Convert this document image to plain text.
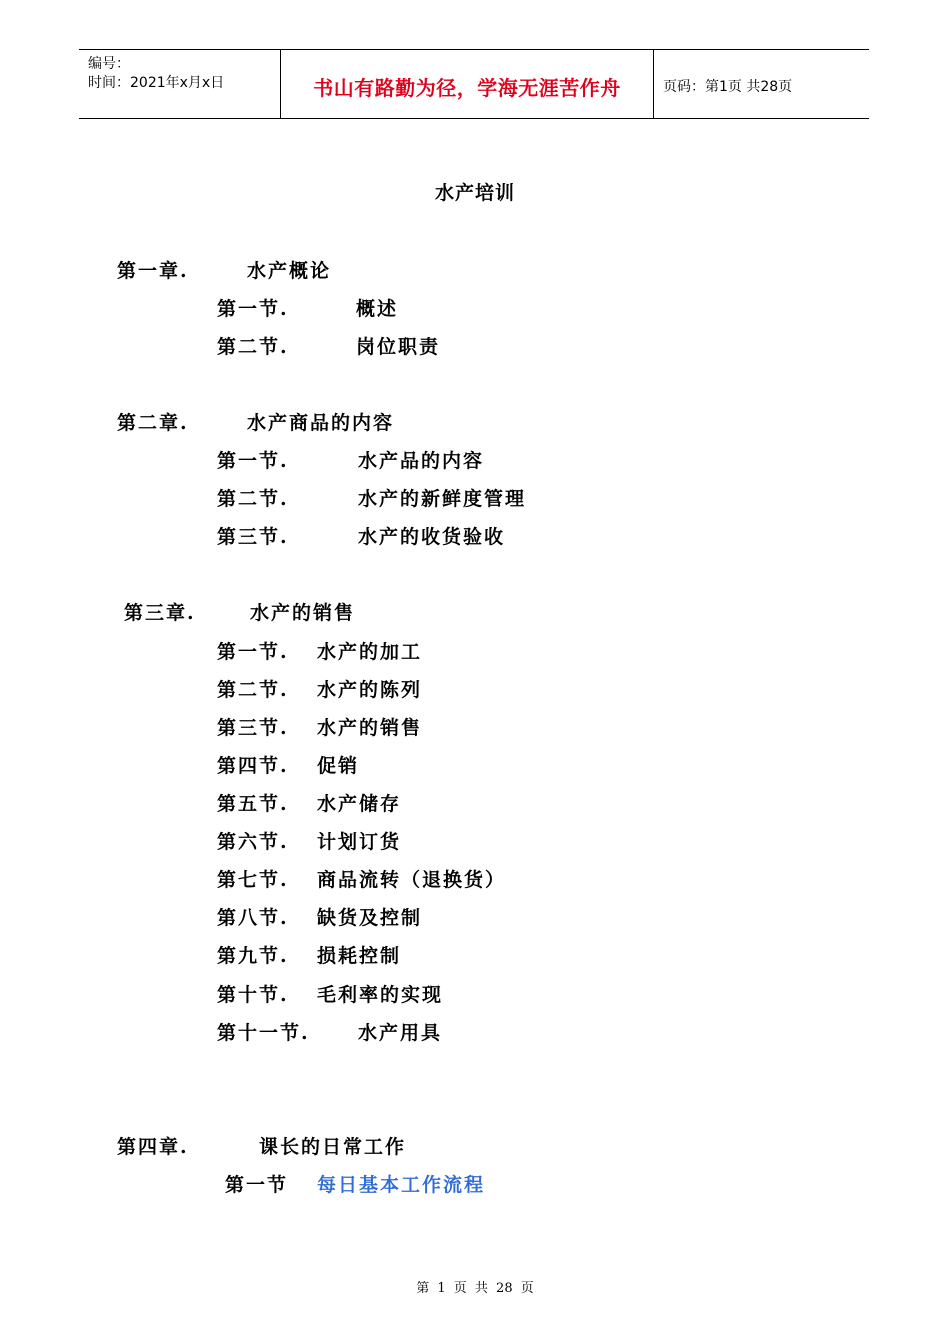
编号：
时间：2021年x月x日	书山有路勤为径，学海无涯苦作舟	页码：第1页 共28页
水产培训
第一章.	水产概论
第一节.	概述
第二节.	岗位职责
第二章.	水产商品的内容
第一节.	水产品的内容
第二节.	水产的新鲜度管理
第三节.	水产的收货验收
第三章.	水产的销售
第一节. 水产的加工
第二节. 水产的陈列
第三节. 水产的销售
第四节. 促销
第五节. 水产储存
第六节. 计划订货
第七节. 商品流转（退换货）
第八节. 缺货及控制
第九节. 损耗控制
第十节. 毛利率的实现
第十一节.	水产用具
第四章.	课长的日常工作
第一节 每日基本工作流程
第 1 页 共 28 页
